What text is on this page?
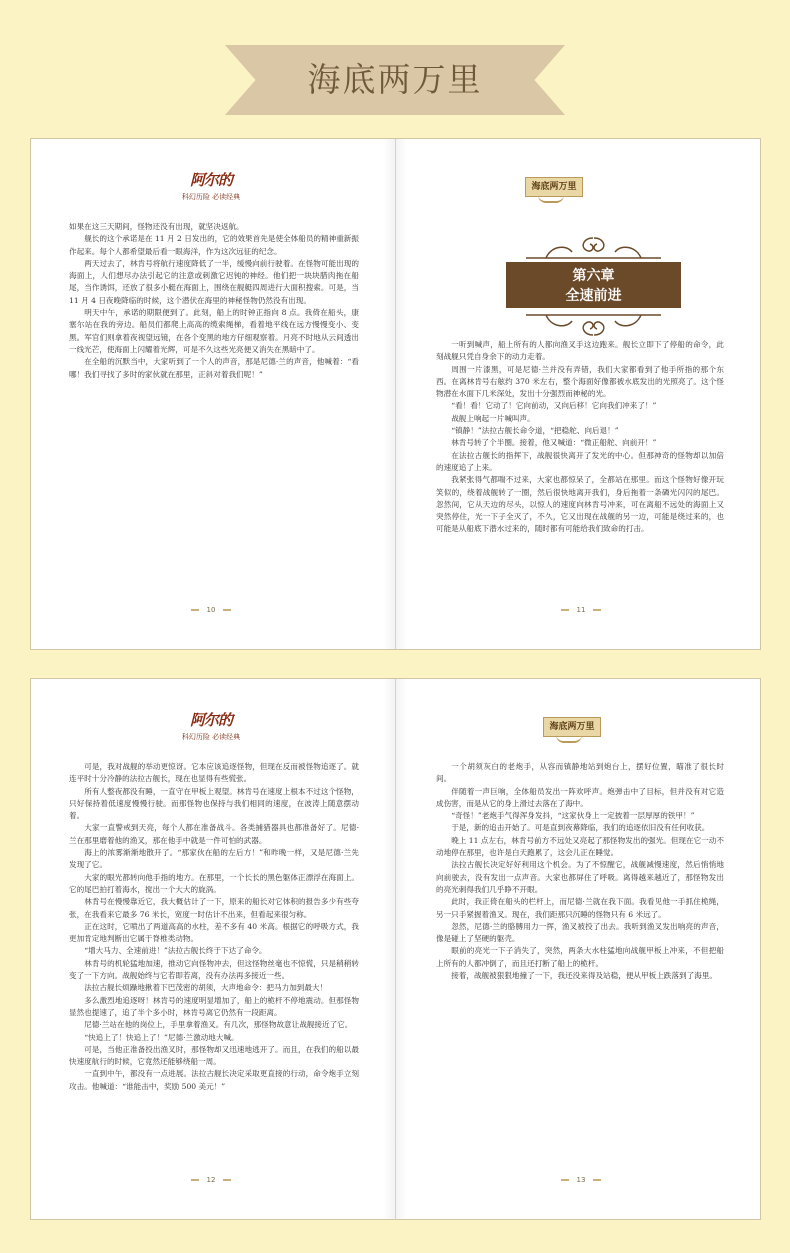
海底两万里
阿尔的
科幻历险 必读经典
如果在这三天期间，怪物还没有出现，就坚决返航。
舰长的这个承诺是在 11 月 2 日发出的，它的效果首先是使全体船员的精神重新振作起来。每个人都希望最后看一眼海洋，作为这次远征的纪念。
两天过去了，林肯号将航行速度降低了一半，缓慢向前行驶着。在怪物可能出现的海面上，人们想尽办法引起它的注意或刺激它迟钝的神经。他们把一块块腊肉拖在船尾，当作诱饵，还放了很多小艇在海面上，围绕在舰艇四周进行大面积搜索。可是，当 11 月 4 日夜晚降临的时候，这个潜伏在海里的神秘怪物仍然没有出现。
明天中午，承诺的期限便到了。此刻，船上的时钟正指向 8 点。我倚在船头，康塞尔站在我的旁边。船员们都爬上高高的缆索绳梯，看着地平线在远方慢慢变小、变黑。军官们则拿着夜视望远镜，在各个变黑的地方仔细观察着。月亮不时地从云间透出一线光芒，使海面上闪耀着光辉，可是不久这些光亮便又消失在黑暗中了。
在全船的沉默当中，大家听到了一个人的声音，那是尼德·兰的声音，他喊着：“看哪！我们寻找了多时的家伙就在那里，正斜对着我们呢！”
10
海底两万里
第六章
全速前进
一听到喊声，船上所有的人都向渔叉手这边跑来。舰长立即下了停船的命令，此刻战舰只凭自身余下的动力走着。
周围一片漆黑，可是尼德·兰并没有弄错，我们大家都看到了他手所指的那个东西。在离林肯号右舷约 370 米左右，整个海面好像都被水底发出的光照亮了。这个怪物潜在水面下几米深处，发出十分强烈而神秘的光。
“看！看！它动了！它向前动，又向后移！它向我们冲来了！”
战舰上响起一片喊叫声。
“镇静！”法拉古舰长命令道，“把稳舵、向后退！”
林肯号转了个半圈。接着，他又喊道：“微正船舵、向前开！”
在法拉古舰长的指挥下，战舰很快离开了发光的中心。但那神奇的怪物却以加倍的速度追了上来。
我紧张得气都喘不过来，大家也都惊呆了，全都站在那里。而这个怪物好像开玩笑似的，绕着战舰转了一圈，然后很快地离开我们，身后拖着一条磷光闪闪的尾巴。忽然间，它从天边的尽头，以惊人的速度向林肯号冲来，可在离船不远处的海面上又突然停住，光一下子全灭了，不久，它又出现在战舰的另一边，可能是绕过来的，也可能是从船底下潜水过来的，随时都有可能给我们致命的打击。
11
阿尔的
科幻历险 必读经典
可是，我对战舰的举动更惊讶。它本应该追逐怪物，但现在反而被怪物追逐了。就连平时十分冷静的法拉古舰长，现在也显得有些慌张。
所有人整夜都没有睡，一直守在甲板上观望。林肯号在速度上根本不过这个怪物，只好保持着低速度慢慢行驶。而那怪物也保持与我们相同的速度，在波涛上随意摆动着。
大家一直警戒到天亮，每个人都在准备战斗。各类捕猎器具也都准备好了。尼德·兰在那里磨着他的渔叉，那在他手中就是一件可怕的武器。
海上的浓雾渐渐地散开了。“那家伙在船的左后方！”和昨晚一样，又是尼德·兰先发现了它。
大家的眼光都转向他手指的地方。在那里，一个长长的黑色躯体正漂浮在海面上。它的尾巴拍打着海水，搅出一个大大的旋涡。
林肯号在慢慢靠近它，我大概估计了一下，原来的船长对它体积的报告多少有些夸张，在我看来它最多 76 米长，宽度一时估计不出来，但看起来很匀称。
正在这时，它喷出了两道高高的水柱，差不多有 40 米高。根据它的呼吸方式，我更加肯定地判断出它属于脊椎类动物。
“增大马力、全速前进！”法拉古舰长终于下达了命令。
林肯号的机轮猛地加速，推动它向怪物冲去，但这怪物丝毫也不惊慌，只是稍稍转变了一下方向。战舰始终与它若即若离，没有办法再多接近一些。
法拉古舰长烦躁地揪着下巴茂密的胡须，大声地命令：把马力加到最大！
多么激烈地追逐呀！林肯号的速度明显增加了，船上的桅杆不停地震动。但那怪物显然也提速了，追了半个多小时，林肯号离它仍然有一段距离。
尼德·兰站在他的岗位上，手里拿着渔叉。有几次，那怪物故意让战舰接近了它。
“快追上了！快追上了！”尼德·兰激动地大喊。
可是，当他正准备投出渔叉时，那怪物却又迅速地逃开了。而且，在我们的船以最快速度航行的时候，它竟然还能够绕船一周。
一直到中午，都没有一点进展。法拉古舰长决定采取更直接的行动，命令炮手立刻攻击。他喊道：“谁能击中，奖励 500 美元！”
12
海底两万里
一个胡须灰白的老炮手，从容而镇静地站到炮台上，摆好位置，瞄准了很长时间。
伴随着一声巨响，全体船员发出一阵欢呼声。炮弹击中了目标，但并没有对它造成伤害，而是从它的身上滑过去落在了海中。
“奇怪！”老炮手气得浑身发抖，“这家伙身上一定披着一层厚厚的铁甲！”
于是，新的追击开始了。可是直到夜幕降临，我们的追逐依旧没有任何收获。
晚上 11 点左右，林肯号前方不远处又亮起了那怪物发出的强光。但现在它一动不动地停在那里，也许是白天跑累了，这会儿正在睡觉。
法拉古舰长决定好好利用这个机会。为了不惊醒它，战舰减慢速度，然后悄悄地向前驶去，没有发出一点声音。大家也都屏住了呼吸。离得越来越近了，那怪物发出的亮光刺得我们几乎睁不开眼。
此时，我正倚在船头的栏杆上，而尼德·兰就在我下面。我看见他一手抓住桅绳，另一只手紧握着渔叉。现在，我们距那只沉睡的怪物只有 6 米远了。
忽然，尼德·兰的胳膊用力一挥，渔叉被投了出去。我听到渔叉发出响亮的声音，像是碰上了坚硬的躯壳。
眼前的亮光一下子消失了，突然，两条大水柱猛地向战舰甲板上冲来，不但把船上所有的人都冲倒了，而且还打断了船上的桅杆。
接着，战舰被狠狠地撞了一下，我还没来得及站稳，便从甲板上跌落到了海里。
13
